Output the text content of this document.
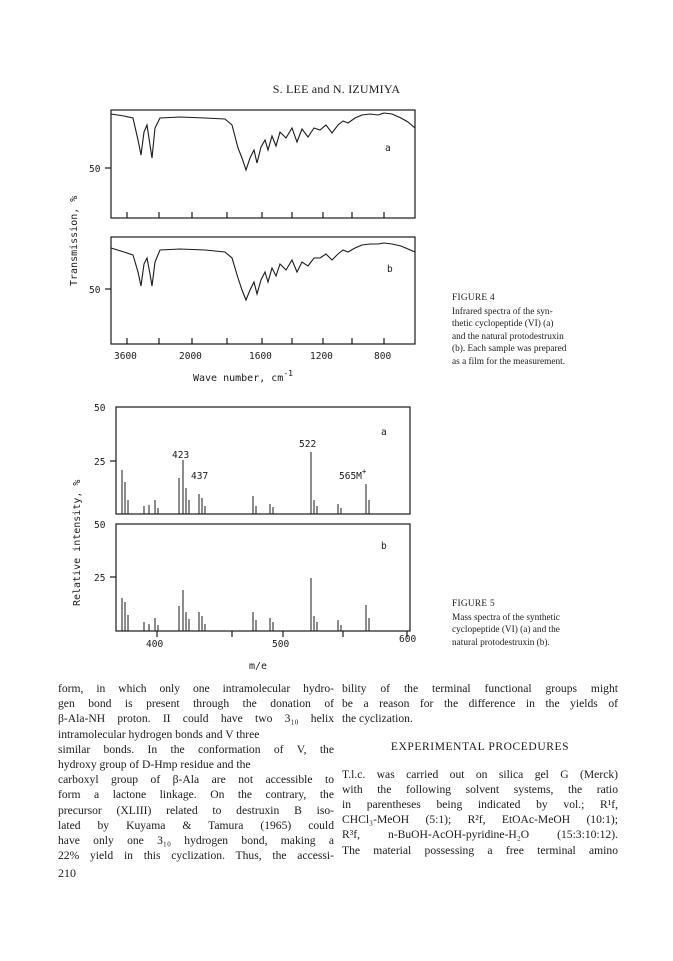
S. LEE and N. IZUMIYA
a
50
b
50
3600	2000	1600	1200	800
Wave number, $cm^{-1}$
Transmission, %
50
25
a
423
437
522
565M+
50
25
b
400	500	600
m/e
Relative intensity, %
FIGURE 4
Infrared spectra of the syn-
thetic cyclopeptide (VI) (a)
and the natural protodestruxin
(b). Each sample was prepared
as a film for the measurement.
FIGURE 5
Mass spectra of the synthetic
cyclopeptide (VI) (a) and the
natural protodestruxin (b).
form, in which only one intramolecular hydro-
gen bond is present through the donation of
β-Ala-NH proton. II could have two 3₁₀ helix
intramolecular hydrogen bonds and V three
similar bonds. In the conformation of V, the
hydroxy group of D-Hmp residue and the
carboxyl group of β-Ala are not accessible to
form a lactone linkage. On the contrary, the
precursor (XLIII) related to destruxin B iso-
lated by Kuyama & Tamura (1965) could
have only one 3₁₀ hydrogen bond, making a
22% yield in this cyclization. Thus, the accessi-
bility of the terminal functional groups might
be a reason for the difference in the yields of
the cyclization.
EXPERIMENTAL PROCEDURES
T.l.c. was carried out on silica gel G (Merck)
with the following solvent systems, the ratio
in parentheses being indicated by vol.; R¹f,
CHCl₃-MeOH (5:1); R²f, EtOAc-MeOH (10:1);
R³f, n-BuOH-AcOH-pyridine-H₂O (15:3:10:12).
The material possessing a free terminal amino
210
